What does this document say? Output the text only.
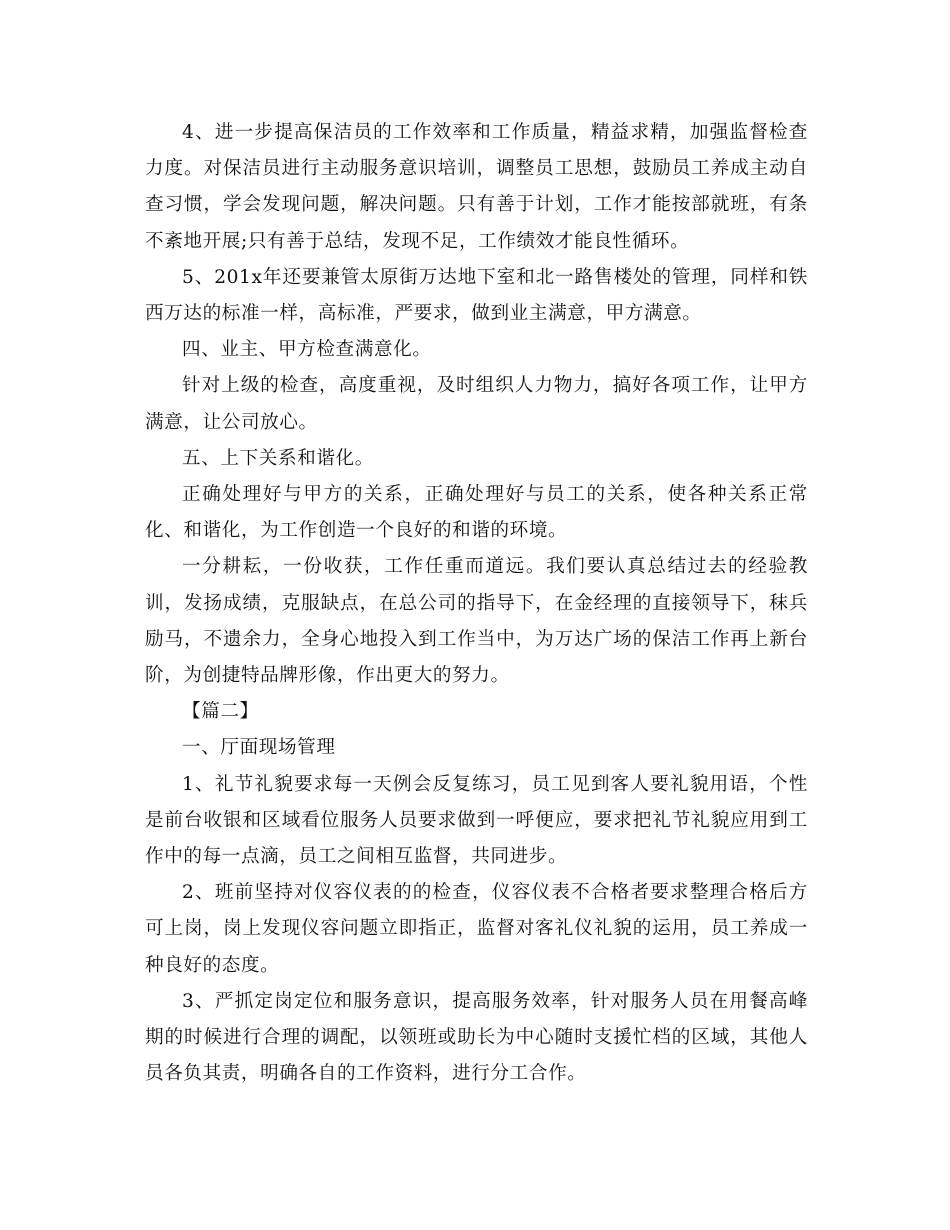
4、进一步提高保洁员的工作效率和工作质量，精益求精，加强监督检查力度。对保洁员进行主动服务意识培训，调整员工思想，鼓励员工养成主动自查习惯，学会发现问题，解决问题。只有善于计划，工作才能按部就班，有条不紊地开展;只有善于总结，发现不足，工作绩效才能良性循环。

5、201x年还要兼管太原街万达地下室和北一路售楼处的管理，同样和铁西万达的标准一样，高标准，严要求，做到业主满意，甲方满意。

四、业主、甲方检查满意化。

针对上级的检查，高度重视，及时组织人力物力，搞好各项工作，让甲方满意，让公司放心。

五、上下关系和谐化。

正确处理好与甲方的关系，正确处理好与员工的关系，使各种关系正常化、和谐化，为工作创造一个良好的和谐的环境。

一分耕耘，一份收获，工作任重而道远。我们要认真总结过去的经验教训，发扬成绩，克服缺点，在总公司的指导下，在金经理的直接领导下，秣兵励马，不遗余力，全身心地投入到工作当中，为万达广场的保洁工作再上新台阶，为创捷特品牌形像，作出更大的努力。

【篇二】

一、厅面现场管理

1、礼节礼貌要求每一天例会反复练习，员工见到客人要礼貌用语，个性是前台收银和区域看位服务人员要求做到一呼便应，要求把礼节礼貌应用到工作中的每一点滴，员工之间相互监督，共同进步。

2、班前坚持对仪容仪表的的检查，仪容仪表不合格者要求整理合格后方可上岗，岗上发现仪容问题立即指正，监督对客礼仪礼貌的运用，员工养成一种良好的态度。

3、严抓定岗定位和服务意识，提高服务效率，针对服务人员在用餐高峰期的时候进行合理的调配，以领班或助长为中心随时支援忙档的区域，其他人员各负其责，明确各自的工作资料，进行分工合作。
